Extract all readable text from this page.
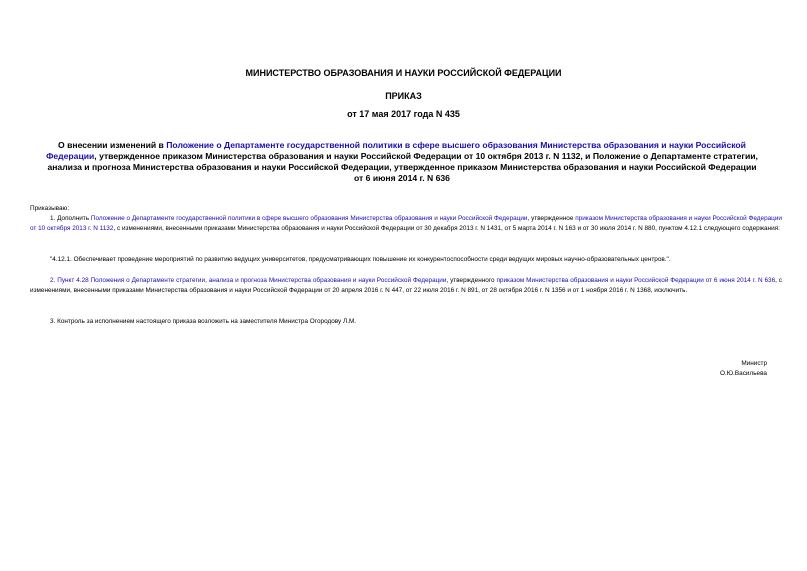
МИНИСТЕРСТВО ОБРАЗОВАНИЯ И НАУКИ РОССИЙСКОЙ ФЕДЕРАЦИИ
ПРИКАЗ
от 17 мая 2017 года N 435
О внесении изменений в Положение о Департаменте государственной политики в сфере высшего образования Министерства образования и науки Российской Федерации, утвержденное приказом Министерства образования и науки Российской Федерации от 10 октября 2013 г. N 1132, и Положение о Департаменте стратегии, анализа и прогноза Министерства образования и науки Российской Федерации, утвержденное приказом Министерства образования и науки Российской Федерации от 6 июня 2014 г. N 636
Приказываю:
1. Дополнить Положение о Департаменте государственной политики в сфере высшего образования Министерства образования и науки Российской Федерации, утвержденное приказом Министерства образования и науки Российской Федерации от 10 октября 2013 г. N 1132, с изменениями, внесенными приказами Министерства образования и науки Российской Федерации от 30 декабря 2013 г. N 1431, от 5 марта 2014 г. N 163 и от 30 июля 2014 г. N 880, пунктом 4.12.1 следующего содержания:
"4.12.1. Обеспечивает проведение мероприятий по развитию ведущих университетов, предусматривающих повышение их конкурентоспособности среди ведущих мировых научно-образовательных центров.".
2. Пункт 4.28 Положения о Департаменте стратегии, анализа и прогноза Министерства образования и науки Российской Федерации, утвержденного приказом Министерства образования и науки Российской Федерации от 6 июня 2014 г. N 636, с изменениями, внесенными приказами Министерства образования и науки Российской Федерации от 20 апреля 2016 г. N 447, от 22 июля 2016 г. N 891, от 28 октября 2016 г. N 1356 и от 1 ноября 2016 г. N 1368, исключить.
3. Контроль за исполнением настоящего приказа возложить на заместителя Министра Огородову Л.М.
Министр
О.Ю.Васильева
